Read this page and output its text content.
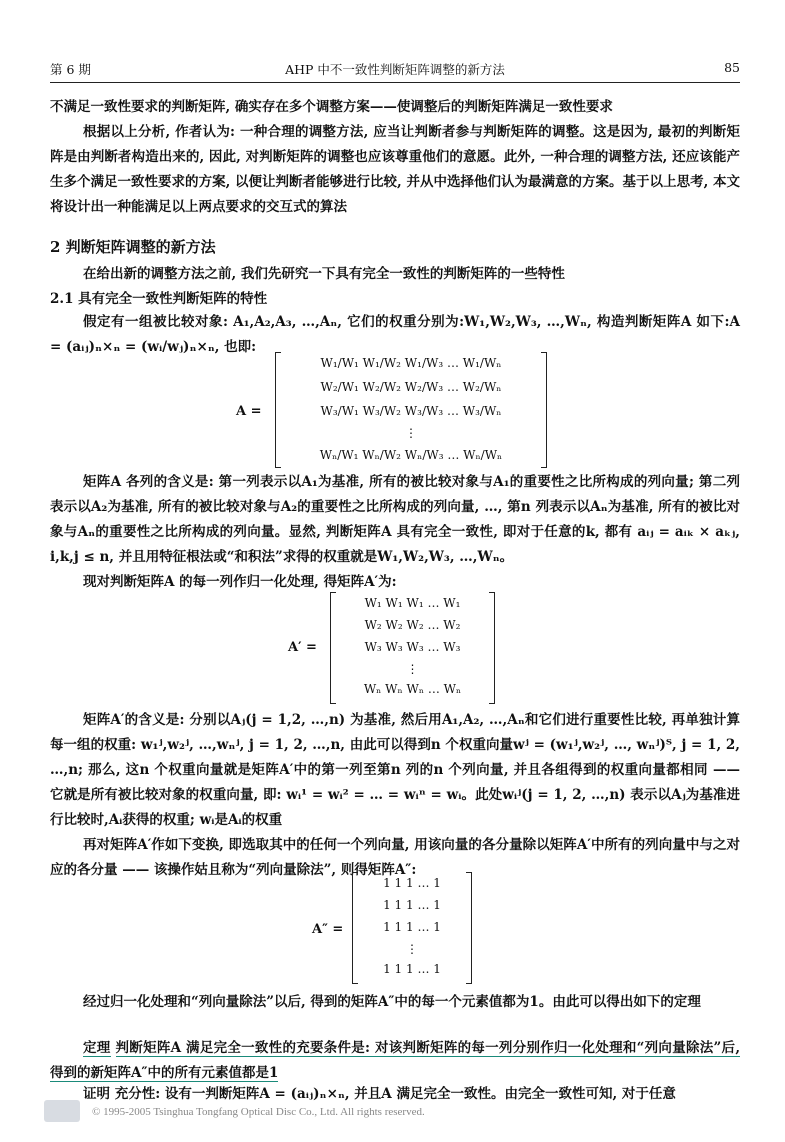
AHP 中不一致性判断矩阵调整的新方法
第 6 期	85
不满足一致性要求的判断矩阵, 确实存在多个调整方案——使调整后的判断矩阵满足一致性要求
根据以上分析, 作者认为: 一种合理的调整方法, 应当让判断者参与判断矩阵的调整。这是因为, 最初的判断矩阵是由判断者构造出来的, 因此, 对判断矩阵的调整也应该尊重他们的意愿。此外, 一种合理的调整方法, 还应该能产生多个满足一致性要求的方案, 以便让判断者能够进行比较, 并从中选择他们认为最满意的方案。基于以上思考, 本文将设计出一种能满足以上两点要求的交互式的算法
2 判断矩阵调整的新方法
在给出新的调整方法之前, 我们先研究一下具有完全一致性的判断矩阵的一些特性
2.1 具有完全一致性判断矩阵的特性
假定有一组被比较对象: A₁,A₂,A₃, …,Aₙ, 它们的权重分别为:W₁,W₂,W₃, …,Wₙ, 构造判断矩阵A 如下:A = (aᵢⱼ)ₙ×ₙ = (wᵢ/wⱼ)ₙ×ₙ, 也即:
A =
W₁/W₁ W₁/W₂ W₁/W₃ … W₁/Wₙ
W₂/W₁ W₂/W₂ W₂/W₃ … W₂/Wₙ
W₃/W₁ W₃/W₂ W₃/W₃ … W₃/Wₙ
⋮
Wₙ/W₁ Wₙ/W₂ Wₙ/W₃ … Wₙ/Wₙ
矩阵A 各列的含义是: 第一列表示以A₁为基准, 所有的被比较对象与A₁的重要性之比所构成的列向量; 第二列表示以A₂为基准, 所有的被比较对象与A₂的重要性之比所构成的列向量, …, 第n 列表示以Aₙ为基准, 所有的被比对象与Aₙ的重要性之比所构成的列向量。显然, 判断矩阵A 具有完全一致性, 即对于任意的k, 都有 aᵢⱼ = aᵢₖ × aₖⱼ, i,k,j ≤ n, 并且用特征根法或“和积法”求得的权重就是W₁,W₂,W₃, …,Wₙ。
现对判断矩阵A 的每一列作归一化处理, 得矩阵A′为:
A′ =
W₁ W₁ W₁ … W₁
W₂ W₂ W₂ … W₂
W₃ W₃ W₃ … W₃
⋮
Wₙ Wₙ Wₙ … Wₙ
矩阵A′的含义是: 分别以Aⱼ(j = 1,2, …,n) 为基准, 然后用A₁,A₂, …,Aₙ和它们进行重要性比较, 再单独计算每一组的权重: w₁ʲ,w₂ʲ, …,wₙʲ, j = 1, 2, …,n, 由此可以得到n 个权重向量wʲ = (w₁ʲ,w₂ʲ, …, wₙʲ)ᵀ, j = 1, 2, …,n; 那么, 这n 个权重向量就是矩阵A′中的第一列至第n 列的n 个列向量, 并且各组得到的权重向量都相同 —— 它就是所有被比较对象的权重向量, 即: wᵢ¹ = wᵢ² = … = wᵢⁿ = wᵢ。此处wᵢʲ(j = 1, 2, …,n) 表示以Aⱼ为基准进行比较时,Aᵢ获得的权重; wᵢ是Aᵢ的权重
再对矩阵A′作如下变换, 即选取其中的任何一个列向量, 用该向量的各分量除以矩阵A′中所有的列向量中与之对应的各分量 —— 该操作姑且称为“列向量除法”, 则得矩阵A″:
A″ =
1 1 1 … 1
1 1 1 … 1
1 1 1 … 1
⋮
1 1 1 … 1
经过归一化处理和“列向量除法”以后, 得到的矩阵A″中的每一个元素值都为1。由此可以得出如下的定理
定理 判断矩阵A 满足完全一致性的充要条件是: 对该判断矩阵的每一列分别作归一化处理和“列向量除法”后, 得到的新矩阵A″中的所有元素值都是1
证明 充分性: 设有一判断矩阵A = (aᵢⱼ)ₙ×ₙ, 并且A 满足完全一致性。由完全一致性可知, 对于任意
© 1995-2005 Tsinghua Tongfang Optical Disc Co., Ltd. All rights reserved.
